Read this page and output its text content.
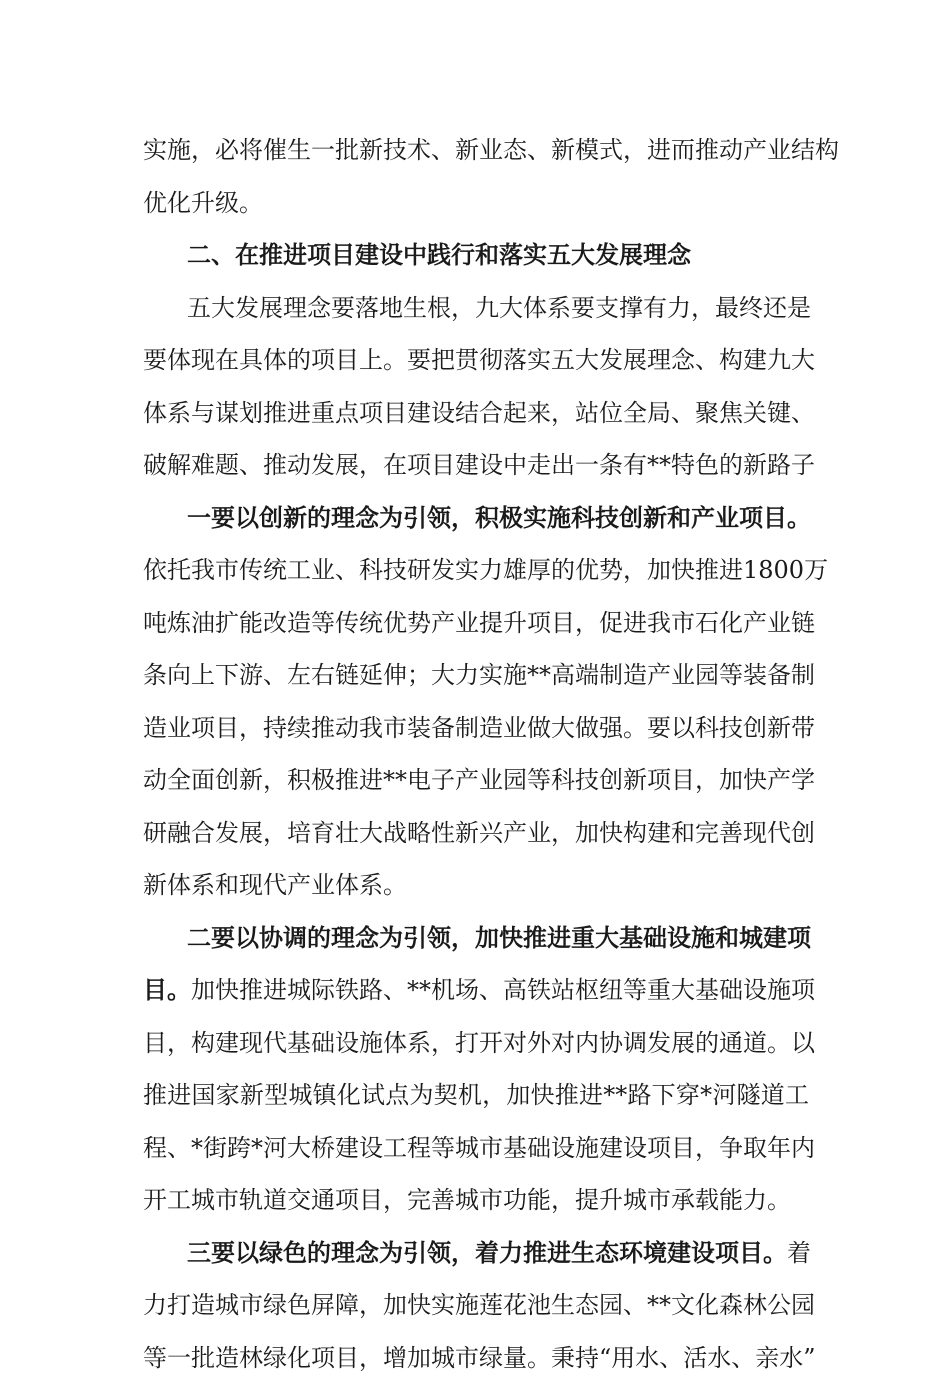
实施，必将催生一批新技术、新业态、新模式，进而推动产业结构
优化升级。
二、在推进项目建设中践行和落实五大发展理念
五大发展理念要落地生根，九大体系要支撑有力，最终还是
要体现在具体的项目上。要把贯彻落实五大发展理念、构建九大
体系与谋划推进重点项目建设结合起来，站位全局、聚焦关键、
破解难题、推动发展，在项目建设中走出一条有**特色的新路子
一要以创新的理念为引领，积极实施科技创新和产业项目。
依托我市传统工业、科技研发实力雄厚的优势，加快推进1800万
吨炼油扩能改造等传统优势产业提升项目，促进我市石化产业链
条向上下游、左右链延伸；大力实施**高端制造产业园等装备制
造业项目，持续推动我市装备制造业做大做强。要以科技创新带
动全面创新，积极推进**电子产业园等科技创新项目，加快产学
研融合发展，培育壮大战略性新兴产业，加快构建和完善现代创
新体系和现代产业体系。
二要以协调的理念为引领，加快推进重大基础设施和城建项
目。加快推进城际铁路、**机场、高铁站枢纽等重大基础设施项
目，构建现代基础设施体系，打开对外对内协调发展的通道。以
推进国家新型城镇化试点为契机，加快推进**路下穿*河隧道工
程、*街跨*河大桥建设工程等城市基础设施建设项目，争取年内
开工城市轨道交通项目，完善城市功能，提升城市承载能力。
三要以绿色的理念为引领，着力推进生态环境建设项目。着
力打造城市绿色屏障，加快实施莲花池生态园、**文化森林公园
等一批造林绿化项目，增加城市绿量。秉持“用水、活水、亲水”
